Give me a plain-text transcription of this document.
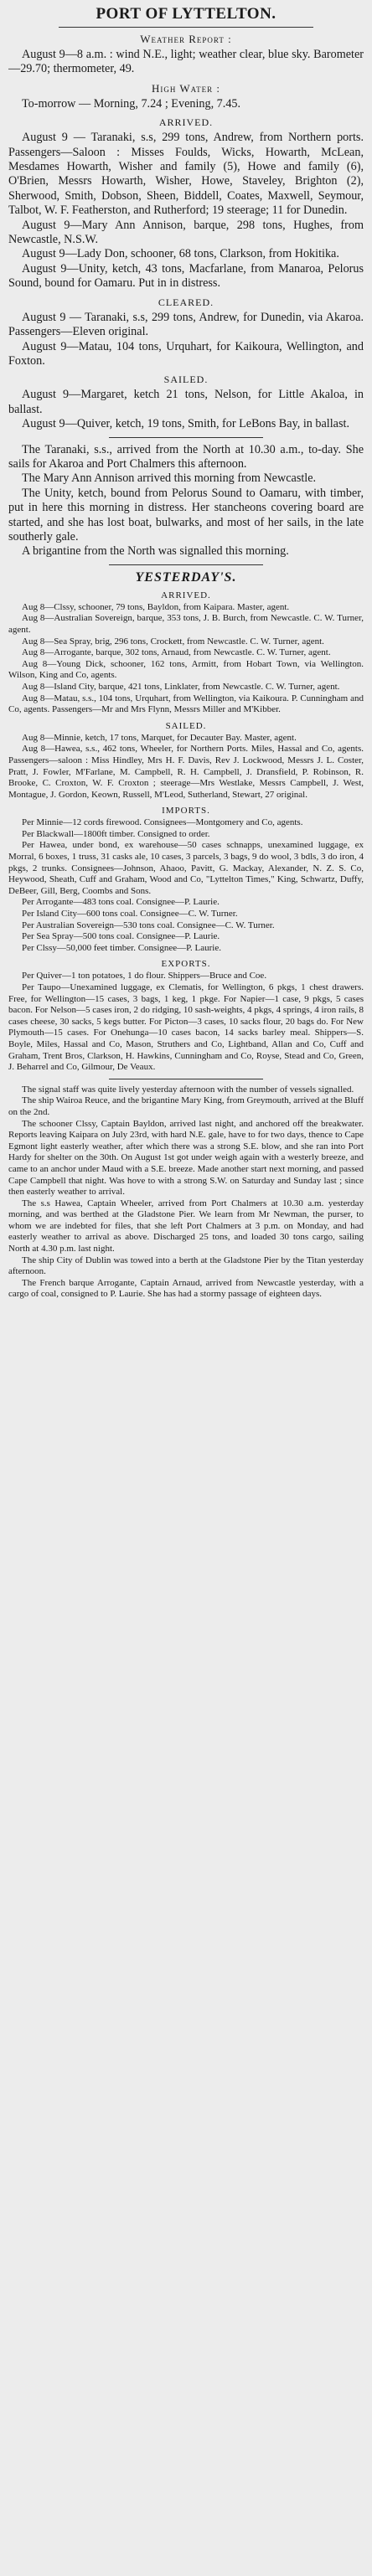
PORT OF LYTTELTON.
Weather Report :

August 9—8 a.m. : wind N.E., light; weather clear, blue sky. Barometer—29.70; thermometer, 49.

High Water :

To-morrow — Morning, 7.24 ; Evening, 7.45.

ARRIVED.

August 9 — Taranaki, s.s, 299 tons, Andrew, from Northern ports. Passengers—Saloon : Misses Foulds, Wicks, Howarth, McLean, Mesdames Howarth, Wisher and family (5), Howe and family (6), O'Brien, Messrs Howarth, Wisher, Howe, Staveley, Brighton (2), Sherwood, Smith, Dobson, Sheen, Biddell, Coates, Maxwell, Seymour, Talbot, W. F. Featherston, and Rutherford; 19 steerage; 11 for Dunedin.

August 9—Mary Ann Annison, barque, 298 tons, Hughes, from Newcastle, N.S.W.

August 9—Lady Don, schooner, 68 tons, Clarkson, from Hokitika.

August 9—Unity, ketch, 43 tons, Macfarlane, from Manaroa, Pelorus Sound, bound for Oamaru. Put in in distress.

CLEARED.

August 9 — Taranaki, s.s, 299 tons, Andrew, for Dunedin, via Akaroa. Passengers—Eleven original.

August 9—Matau, 104 tons, Urquhart, for Kaikoura, Wellington, and Foxton.

SAILED.

August 9—Margaret, ketch 21 tons, Nelson, for Little Akaloa, in ballast.

August 9—Quiver, ketch, 19 tons, Smith, for LeBons Bay, in ballast.

The Taranaki, s.s., arrived from the North at 10.30 a.m., to-day. She sails for Akaroa and Port Chalmers this afternoon.

The Mary Ann Annison arrived this morning from Newcastle.

The Unity, ketch, bound from Pelorus Sound to Oamaru, with timber, put in here this morning in distress. Her stancheons covering board are started, and she has lost boat, bulwarks, and most of her sails, in the late southerly gale.

A brigantine from the North was signalled this morning.

YESTERDAY'S.
ARRIVED.

Aug 8—Clssy, schooner, 79 tons, Bayldon, from Kaipara. Master, agent.

Aug 8—Australian Sovereign, barque, 353 tons, J. B. Burch, from Newcastle. C. W. Turner, agent.

Aug 8—Sea Spray, brig, 296 tons, Crockett, from Newcastle. C. W. Turner, agent.

Aug 8—Arrogante, barque, 302 tons, Arnaud, from Newcastle. C. W. Turner, agent.

Aug 8—Young Dick, schooner, 162 tons, Armitt, from Hobart Town, via Wellington. Wilson, King and Co, agents.

Aug 8—Island City, barque, 421 tons, Linklater, from Newcastle. C. W. Turner, agent.

Aug 8—Matau, s.s., 104 tons, Urquhart, from Wellington, via Kaikoura. P. Cunningham and Co, agents. Passengers—Mr and Mrs Flynn, Messrs Miller and M'Kibber.

SAILED.

Aug 8—Minnie, ketch, 17 tons, Marquet, for Decauter Bay. Master, agent.

Aug 8—Hawea, s.s., 462 tons, Wheeler, for Northern Ports. Miles, Hassal and Co, agents. Passengers—saloon : Miss Hindley, Mrs H. F. Davis, Rev J. Lockwood, Messrs J. L. Coster, Pratt, J. Fowler, M'Farlane, M. Campbell, R. H. Campbell, J. Dransfield, P. Robinson, R. Brooke, C. Croxton, W. F. Croxton ; steerage—Mrs Westlake, Messrs Campbell, J. West, Montague, J. Gordon, Keown, Russell, M'Leod, Sutherland, Stewart, 27 original.

IMPORTS.

Per Minnie—12 cords firewood. Consignees—Montgomery and Co, agents.

Per Blackwall—1800ft timber. Consigned to order.

Per Hawea, under bond, ex warehouse—50 cases schnapps, unexamined luggage, ex Morral, 6 boxes, 1 truss, 31 casks ale, 10 cases, 3 parcels, 3 bags, 9 do wool, 3 bdls, 3 do iron, 4 pkgs, 2 trunks. Consignees—Johnson, Ahaoo, Pavitt, G. Mackay, Alexander, N. Z. S. Co, Heywood, Sheath, Cuff and Graham, Wood and Co, "Lyttelton Times," King, Schwartz, Duffy, DeBeer, Gill, Berg, Coombs and Sons.

Per Arrogante—483 tons coal. Consignee—P. Laurie.

Per Island City—600 tons coal. Consignee—C. W. Turner.

Per Australian Sovereign—530 tons coal. Consignee—C. W. Turner.

Per Sea Spray—500 tons coal. Consignee—P. Laurie.

Per Clssy—50,000 feet timber. Consignee—P. Laurie.

EXPORTS.

Per Quiver—1 ton potatoes, 1 do flour. Shippers—Bruce and Coe.

Per Taupo—Unexamined luggage, ex Clematis, for Wellington, 6 pkgs, 1 chest drawers. Free, for Wellington—15 cases, 3 bags, 1 keg, 1 pkge. For Napier—1 case, 9 pkgs, 5 cases bacon. For Nelson—5 cases iron, 2 do ridging, 10 sash-weights, 4 pkgs, 4 springs, 4 iron rails, 8 cases cheese, 30 sacks, 5 kegs butter. For Picton—3 cases, 10 sacks flour, 20 bags do. For New Plymouth—15 cases. For Onehunga—10 cases bacon, 14 sacks barley meal. Shippers—S. Boyle, Miles, Hassal and Co, Mason, Struthers and Co, Lightband, Allan and Co, Cuff and Graham, Trent Bros, Clarkson, H. Hawkins, Cunningham and Co, Royse, Stead and Co, Green, J. Beharrel and Co, Gilmour, De Veaux.

The signal staff was quite lively yesterday afternoon with the number of vessels signalled.

The ship Wairoa Reuce, and the brigantine Mary King, from Greymouth, arrived at the Bluff on the 2nd.

The schooner Clssy, Captain Bayldon, arrived last night, and anchored off the breakwater. Reports leaving Kaipara on July 23rd, with hard N.E. gale, have to for two days, thence to Cape Egmont light easterly weather, after which there was a strong S.E. blow, and she ran into Port Hardy for shelter on the 30th. On August 1st got under weigh again with a westerly breeze, and came to an anchor under Maud with a S.E. breeze. Made another start next morning, and passed Cape Campbell that night. Was hove to with a strong S.W. on Saturday and Sunday last ; since then easterly weather to arrival.

The s.s Hawea, Captain Wheeler, arrived from Port Chalmers at 10.30 a.m. yesterday morning, and was berthed at the Gladstone Pier. We learn from Mr Newman, the purser, to whom we are indebted for files, that she left Port Chalmers at 3 p.m. on Monday, and had easterly weather to arrival as above. Discharged 25 tons, and loaded 30 tons cargo, sailing North at 4.30 p.m. last night.

The ship City of Dublin was towed into a berth at the Gladstone Pier by the Titan yesterday afternoon.

The French barque Arrogante, Captain Arnaud, arrived from Newcastle yesterday, with a cargo of coal, consigned to P. Laurie. She has had a stormy passage of eighteen days.
